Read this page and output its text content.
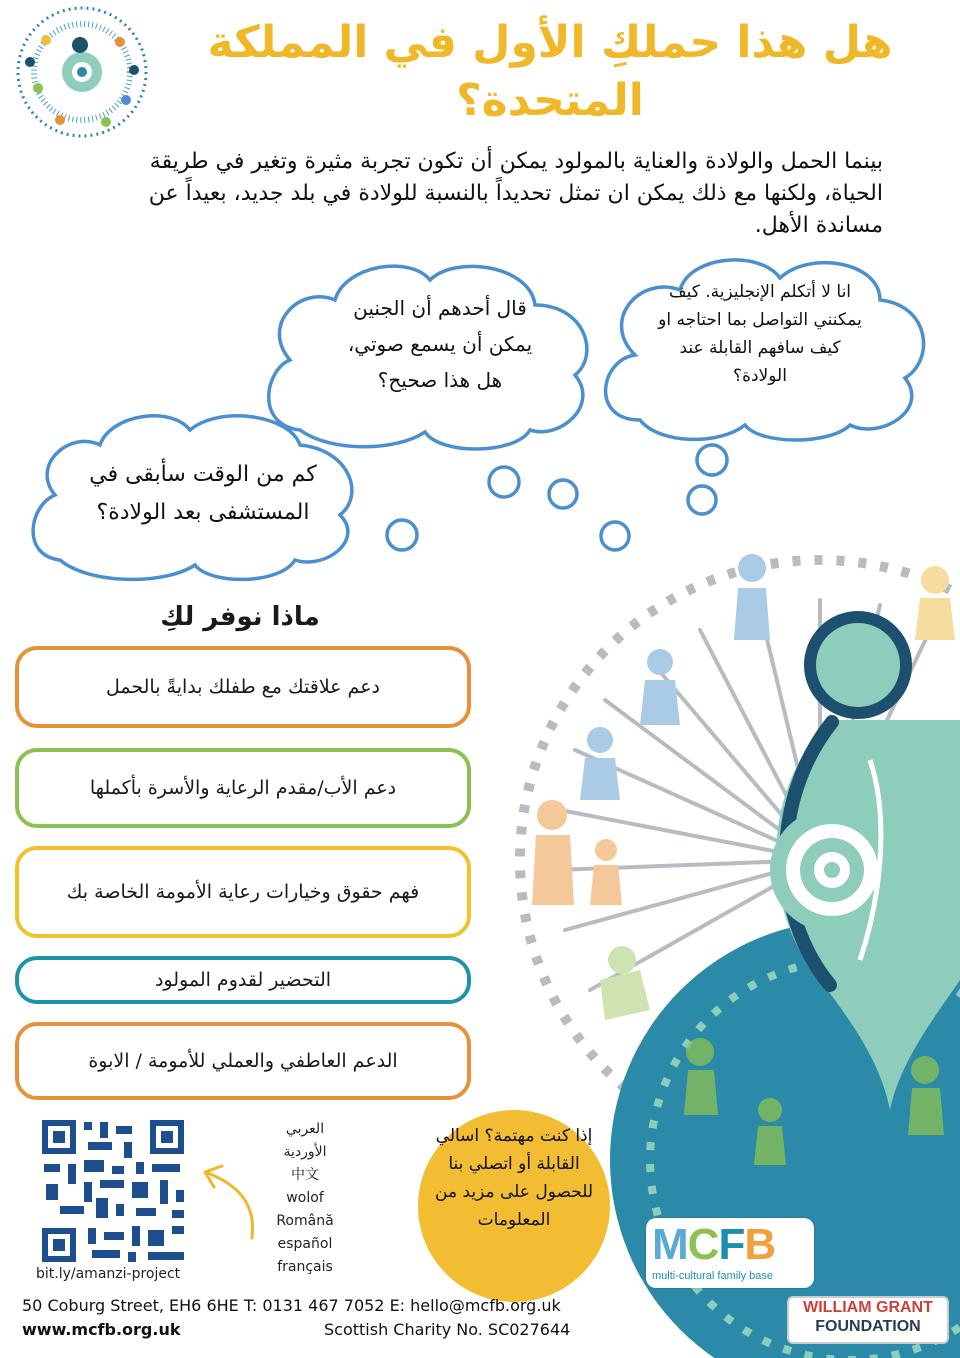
هل هذا حملكِ الأول في المملكة المتحدة؟
بينما الحمل والولادة والعناية بالمولود يمكن أن تكون تجربة مثيرة وتغير في طريقة الحياة، ولكنها مع ذلك يمكن ان تمثل تحديداً بالنسبة للولادة في بلد جديد، بعيداً عن مساندة الأهل.
انا لا أتكلم الإنجليزية. كيف يمكنني التواصل بما احتاجه او كيف سافهم القابلة عند الولادة؟
قال أحدهم أن الجنين يمكن أن يسمع صوتي، هل هذا صحيح؟
كم من الوقت سأبقى في المستشفى بعد الولادة؟
ماذا نوفر لكِ
دعم علاقتك مع طفلك بدايةً بالحمل
دعم الأب/مقدم الرعاية والأسرة بأكملها
فهم حقوق وخيارات رعاية الأمومة الخاصة بك
التحضير لقدوم المولود
الدعم العاطفي والعملي للأمومة / الابوة
العربي
الأوردية
中文
wolof
Română
español
français
bit.ly/amanzi-project
إذا كنت مهتمة؟ اسالي القابلة أو اتصلي بنا للحصول على مزيد من المعلومات	MCFB
multi-cultural family base
WILLIAM GRANT
FOUNDATION
50 Coburg Street, EH6 6HE T: 0131 467 7052 E: hello@mcfb.org.uk
www.mcfb.org.uk	Scottish Charity No. SC027644
